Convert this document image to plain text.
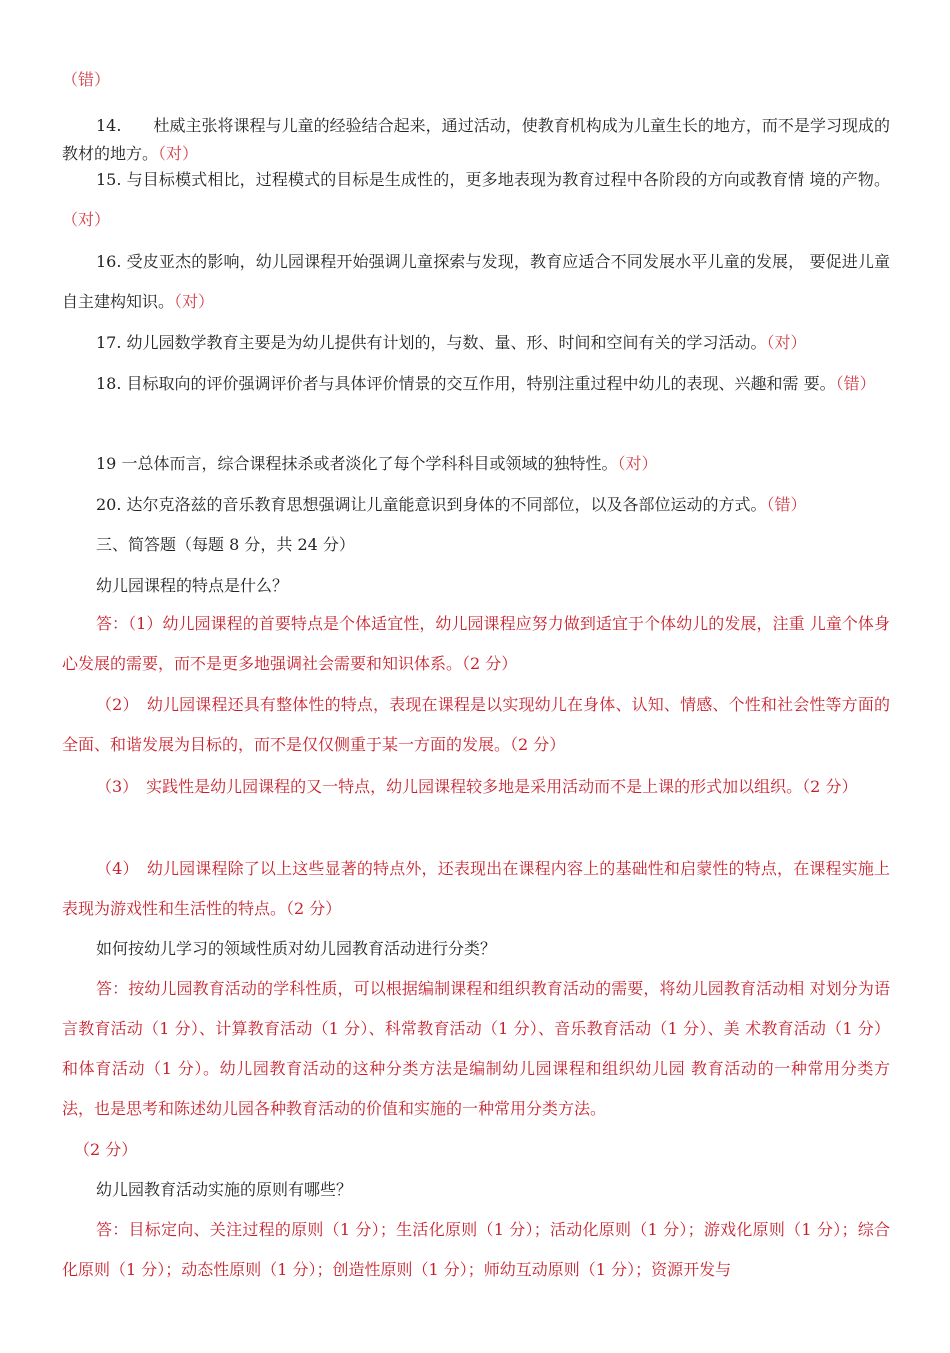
（错）

14.　　杜威主张将课程与儿童的经验结合起来，通过活动，使教育机构成为儿童生长的地方，而不是学习现成的教材的地方。（对）

15. 与目标模式相比，过程模式的目标是生成性的，更多地表现为教育过程中各阶段的方向或教育情 境的产物。（对）

16. 受皮亚杰的影响，幼儿园课程开始强调儿童探索与发现，教育应适合不同发展水平儿童的发展， 要促进儿童自主建构知识。（对）

17. 幼儿园数学教育主要是为幼儿提供有计划的，与数、量、形、时间和空间有关的学习活动。（对）

18. 目标取向的评价强调评价者与具体评价情景的交互作用，特别注重过程中幼儿的表现、兴趣和需 要。（错）

19 一总体而言，综合课程抹杀或者淡化了每个学科科目或领域的独特性。（对）

20. 达尔克洛兹的音乐教育思想强调让儿童能意识到身体的不同部位，以及各部位运动的方式。（错）

三、简答题（每题 8 分，共 24 分）

幼儿园课程的特点是什么？

答：（1）幼儿园课程的首要特点是个体适宜性，幼儿园课程应努力做到适宜于个体幼儿的发展，注重 儿童个体身心发展的需要，而不是更多地强调社会需要和知识体系。（2 分）

（2）　幼儿园课程还具有整体性的特点，表现在课程是以实现幼儿在身体、认知、情感、个性和社会性等方面的全面、和谐发展为目标的，而不是仅仅侧重于某一方面的发展。（2 分）

（3）　实践性是幼儿园课程的又一特点，幼儿园课程较多地是采用活动而不是上课的形式加以组织。（2 分）

（4）　幼儿园课程除了以上这些显著的特点外，还表现出在课程内容上的基础性和启蒙性的特点，在课程实施上表现为游戏性和生活性的特点。（2 分）

如何按幼儿学习的领域性质对幼儿园教育活动进行分类？

答：按幼儿园教育活动的学科性质，可以根据编制课程和组织教育活动的需要，将幼儿园教育活动相 对划分为语言教育活动（1 分）、计算教育活动（1 分）、科常教育活动（1 分）、音乐教育活动（1 分）、美 术教育活动（1 分）和体育活动（1 分）。幼儿园教育活动的这种分类方法是编制幼儿园课程和组织幼儿园 教育活动的一种常用分类方法，也是思考和陈述幼儿园各种教育活动的价值和实施的一种常用分类方法。

（2 分）

幼儿园教育活动实施的原则有哪些？

答：目标定向、关注过程的原则（1 分）；生活化原则（1 分）；活动化原则（1 分）；游戏化原则（1 分）；综合化原则（1 分）；动态性原则（1 分）；创造性原则（1 分）；师幼互动原则（1 分）；资源开发与
